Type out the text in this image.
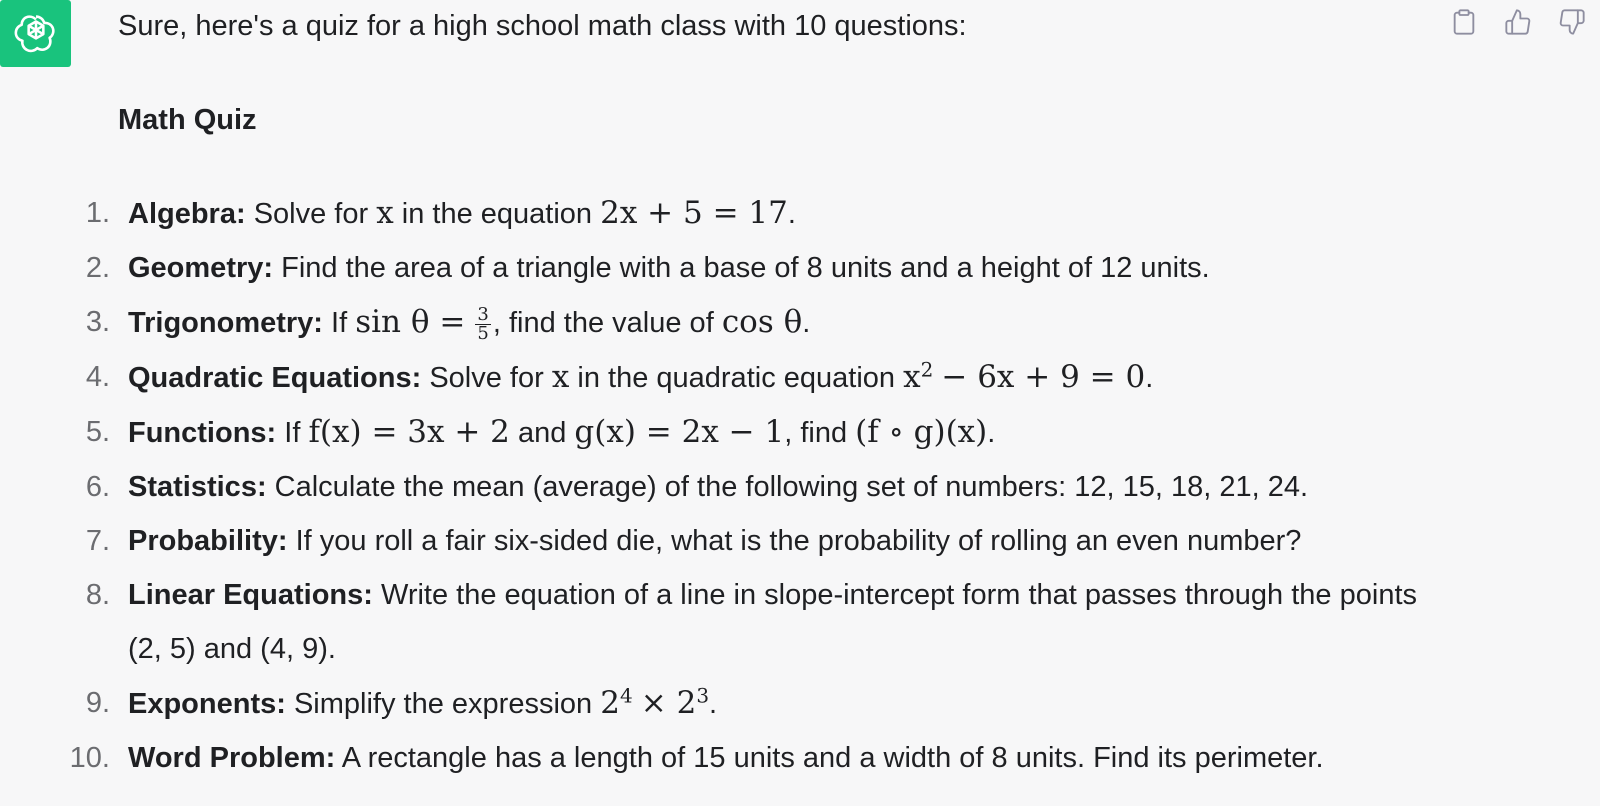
Sure, here's a quiz for a high school math class with 10 questions:
Math Quiz
1. Algebra: Solve for x in the equation 2x + 5 = 17.
2. Geometry: Find the area of a triangle with a base of 8 units and a height of 12 units.
3. Trigonometry: If $\sin \theta = \frac{3}{5}$ , find the value of cos θ.
4. Quadratic Equations: Solve for x in the quadratic equation $x^2 - 6x + 9 = 0$.
5. Functions: If f(x) = 3x + 2 and g(x) = 2x − 1, find (f ∘ g)(x).
6. Statistics: Calculate the mean (average) of the following set of numbers: 12, 15, 18, 21, 24.
7. Probability: If you roll a fair six-sided die, what is the probability of rolling an even number?
8. Linear Equations: Write the equation of a line in slope-intercept form that passes through the points (2, 5) and (4, 9).
9. Exponents: Simplify the expression $2^4 \times 2^3$.
10. Word Problem: A rectangle has a length of 15 units and a width of 8 units. Find its perimeter.
